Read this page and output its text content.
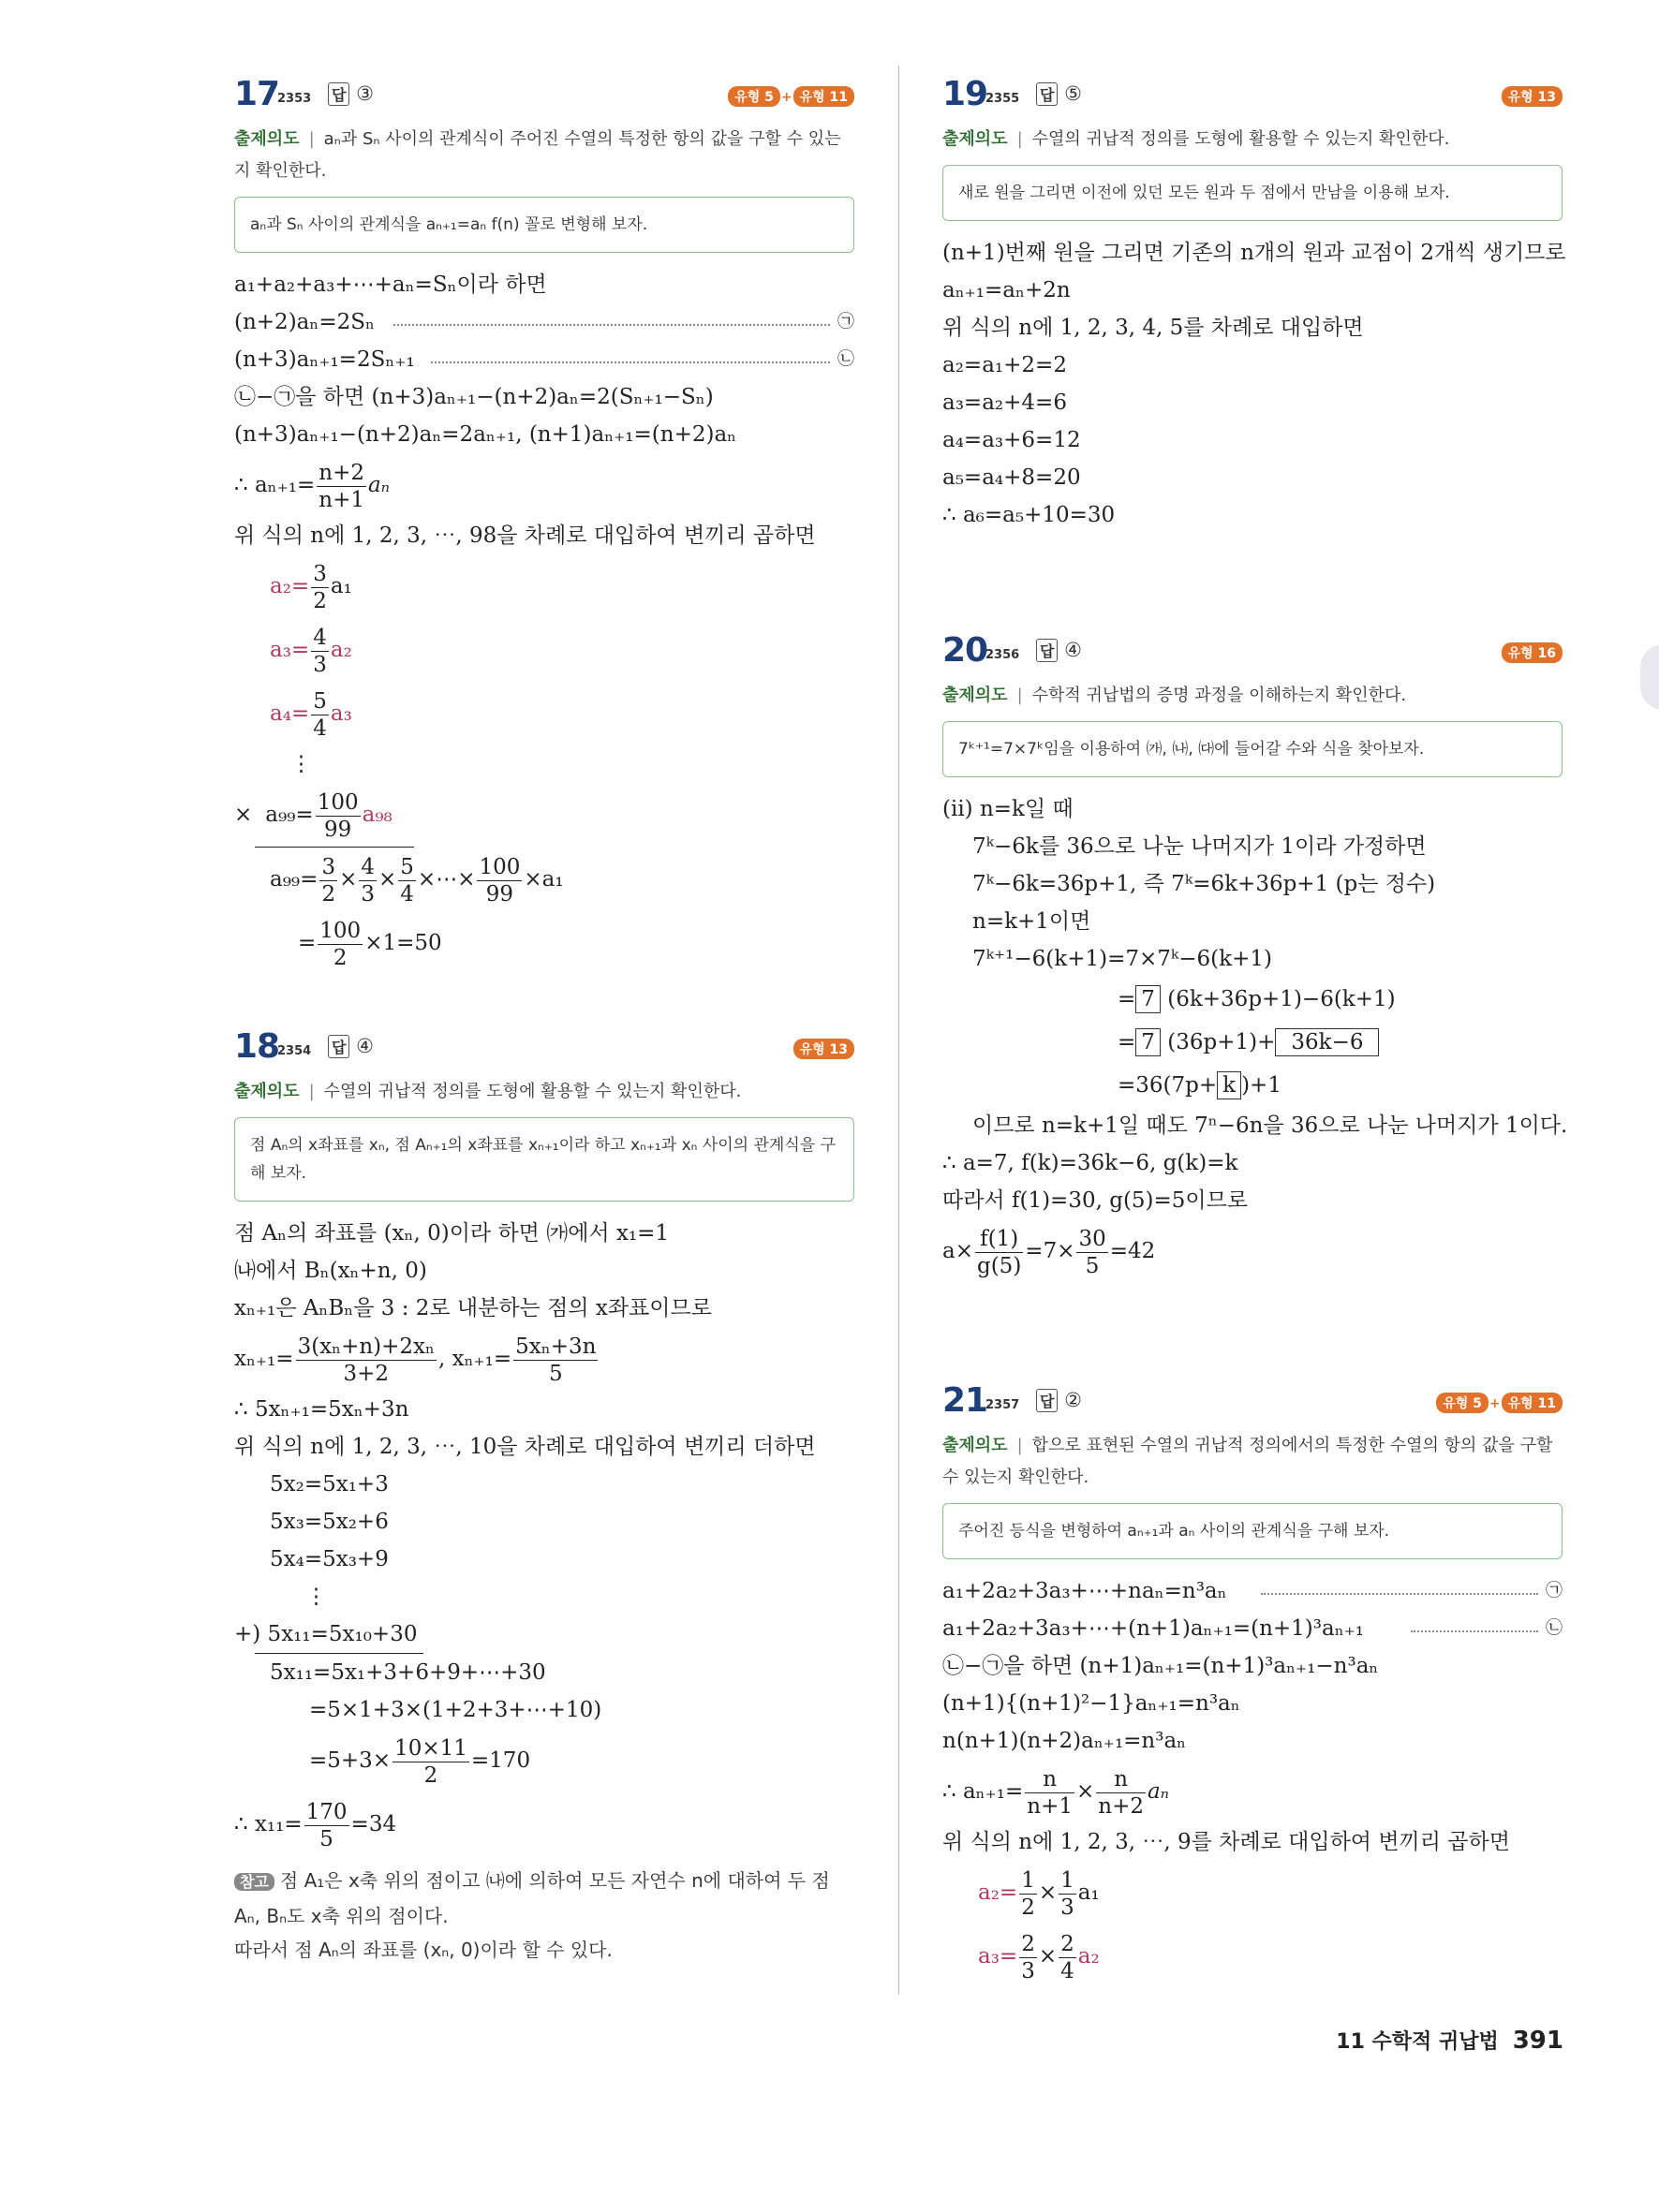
17
2353 답 ③	유형 5 + 유형 11
출제의도 | aₙ과 Sₙ 사이의 관계식이 주어진 수열의 특정한 항의 값을 구할 수 있는지 확인한다.
aₙ과 Sₙ 사이의 관계식을 aₙ₊₁=aₙ f(n) 꼴로 변형해 보자.
a₁+a₂+a₃+⋯+aₙ=Sₙ이라 하면
(n+2)aₙ=2Sₙ	㉠
(n+3)aₙ₊₁=2Sₙ₊₁	㉡
㉡−㉠을 하면 (n+3)aₙ₊₁−(n+2)aₙ=2(Sₙ₊₁−Sₙ)
(n+3)aₙ₊₁−(n+2)aₙ=2aₙ₊₁, (n+1)aₙ₊₁=(n+2)aₙ
∴ $a_{n+1}= \frac{n+2}{n+1}$ aₙ
위 식의 n에 1, 2, 3, ⋯, 98을 차례로 대입하여 변끼리 곱하면
$a_2= \frac{3}{2} a_1$
$a_3= \frac{4}{3} a_2$
$a_4= \frac{5}{4} a_3$
⋮
× $a_{99}= \frac{100}{99} a_{98}$
$a_{99}= \frac{3}{2} \times \frac{4}{3} \times \frac{5}{4}$ ×⋯× $\frac{100}{99} \times a_1$
= $\frac{100}{2} \times 1=50$
18
2354 답 ④	유형 13
출제의도 | 수열의 귀납적 정의를 도형에 활용할 수 있는지 확인한다.
점 Aₙ의 x좌표를 xₙ, 점 Aₙ₊₁의 x좌표를 xₙ₊₁이라 하고 xₙ₊₁과 xₙ 사이의 관계식을 구해 보자.
점 Aₙ의 좌표를 (xₙ, 0)이라 하면 ㈎에서 x₁=1
㈏에서 Bₙ(xₙ+n, 0)
xₙ₊₁은 AₙBₙ을 3 : 2로 내분하는 점의 x좌표이므로
$x_{n+1}= \frac{\text{3(xₙ+n)+2xₙ}}{3+2}$ , $x_{n+1}= \frac{\text{5xₙ+3n}}{5}$
∴ 5xₙ₊₁=5xₙ+3n
위 식의 n에 1, 2, 3, ⋯, 10을 차례로 대입하여 변끼리 더하면
5x₂=5x₁+3
5x₃=5x₂+6
5x₄=5x₃+9
⋮
+) 5x₁₁=5x₁₀+30
5x₁₁=5x₁+3+6+9+⋯+30
=5×1+3×(1+2+3+⋯+10)
$=5+3\times \frac{10\times 11}{2} =170$
∴ $x_{11}= \frac{170}{5} =34$
참고 점 A₁은 x축 위의 점이고 ㈏에 의하여 모든 자연수 n에 대하여 두 점
Aₙ, Bₙ도 x축 위의 점이다.
따라서 점 Aₙ의 좌표를 (xₙ, 0)이라 할 수 있다.
19
2355 답 ⑤	유형 13
출제의도 | 수열의 귀납적 정의를 도형에 활용할 수 있는지 확인한다.
새로 원을 그리면 이전에 있던 모든 원과 두 점에서 만남을 이용해 보자.
(n+1)번째 원을 그리면 기존의 n개의 원과 교점이 2개씩 생기므로
aₙ₊₁=aₙ+2n
위 식의 n에 1, 2, 3, 4, 5를 차례로 대입하면
a₂=a₁+2=2
a₃=a₂+4=6
a₄=a₃+6=12
a₅=a₄+8=20
∴ a₆=a₅+10=30
20
2356 답 ④	유형 16
출제의도 | 수학적 귀납법의 증명 과정을 이해하는지 확인한다.
7ᵏ⁺¹=7×7ᵏ임을 이용하여 ㈎, ㈏, ㈐에 들어갈 수와 식을 찾아보자.
(ii) n=k일 때
7ᵏ−6k를 36으로 나눈 나머지가 1이라 가정하면
7ᵏ−6k=36p+1, 즉 7ᵏ=6k+36p+1 (p는 정수)
n=k+1이면
7ᵏ⁺¹−6(k+1)=7×7ᵏ−6(k+1)
= 7 (6k+36p+1)−6(k+1)
= 7 (36p+1)+ 36k−6
=36(7p+ k )+1
이므로 n=k+1일 때도 7ⁿ−6n을 36으로 나눈 나머지가 1이다.
∴ a=7, f(k)=36k−6, g(k)=k
따라서 f(1)=30, g(5)=5이므로
$a\times \frac{f(1)}{g(5)} =7\times \frac{30}{5} =42$
21
2357 답 ②	유형 5 + 유형 11
출제의도 | 합으로 표현된 수열의 귀납적 정의에서의 특정한 수열의 항의 값을 구할 수 있는지 확인한다.
주어진 등식을 변형하여 aₙ₊₁과 aₙ 사이의 관계식을 구해 보자.
a₁+2a₂+3a₃+⋯+naₙ=n³aₙ	㉠
a₁+2a₂+3a₃+⋯+(n+1)aₙ₊₁=(n+1)³aₙ₊₁	㉡
㉡−㉠을 하면 (n+1)aₙ₊₁=(n+1)³aₙ₊₁−n³aₙ
(n+1){(n+1)²−1}aₙ₊₁=n³aₙ
n(n+1)(n+2)aₙ₊₁=n³aₙ
∴ $a_{n+1}= \frac{n}{n+1} \times \frac{n}{n+2}$ aₙ
위 식의 n에 1, 2, 3, ⋯, 9를 차례로 대입하여 변끼리 곱하면
$a_2= \frac{1}{2} \times \frac{1}{3} a_1$
$a_3= \frac{2}{3} \times \frac{2}{4} a_2$
11 수학적 귀납법 391
